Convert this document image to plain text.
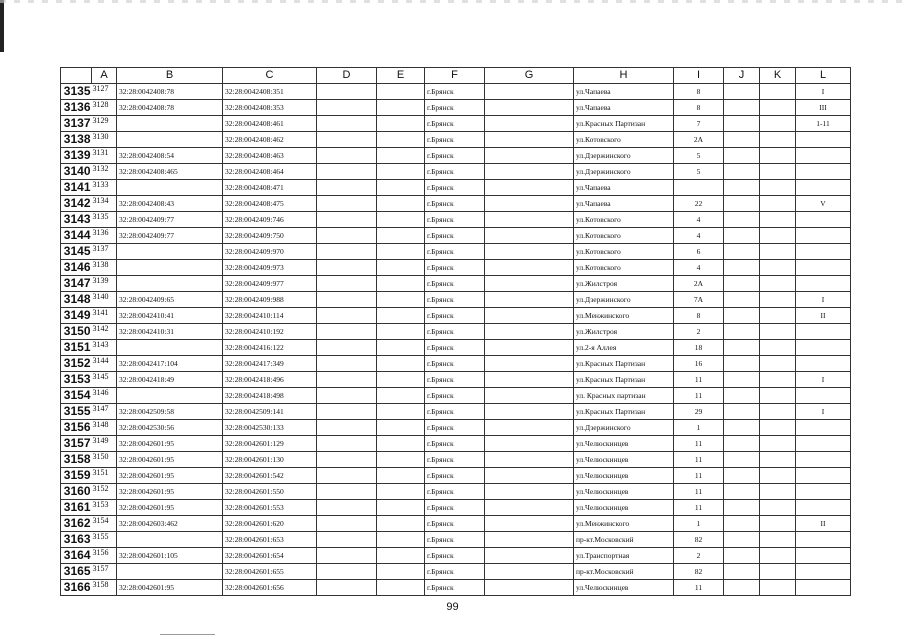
	A	B	C	D	E	F	G	H	I	J	K	L
3135	3127	32:28:0042408:78	32:28:0042408:351			г.Брянск		ул.Чапаева	8			I
3136	3128	32:28:0042408:78	32:28:0042408:353			г.Брянск		ул.Чапаева	8			III
3137	3129		32:28:0042408:461			г.Брянск		ул.Красных Партизан	7			1-11
3138	3130		32:28:0042408:462			г.Брянск		ул.Котовского	2А			
3139	3131	32:28:0042408:54	32:28:0042408:463			г.Брянск		ул.Дзержинского	5			
3140	3132	32:28:0042408:465	32:28:0042408:464			г.Брянск		ул.Дзержинского	5			
3141	3133		32:28:0042408:471			г.Брянск		ул.Чапаева				
3142	3134	32:28:0042408:43	32:28:0042408:475			г.Брянск		ул.Чапаева	22			V
3143	3135	32:28:0042409:77	32:28:0042409:746			г.Брянск		ул.Котовского	4			
3144	3136	32:28:0042409:77	32:28:0042409:750			г.Брянск		ул.Котовского	4			
3145	3137		32:28:0042409:970			г.Брянск		ул.Котовского	6			
3146	3138		32:28:0042409:973			г.Брянск		ул.Котовского	4			
3147	3139		32:28:0042409:977			г.Брянск		ул.Жилстроя	2А			
3148	3140	32:28:0042409:65	32:28:0042409:988			г.Брянск		ул.Дзержинского	7А			I
3149	3141	32:28:0042410:41	32:28:0042410:114			г.Брянск		ул.Менжинского	8			II
3150	3142	32:28:0042410:31	32:28:0042410:192			г.Брянск		ул.Жилстроя	2			
3151	3143		32:28:0042416:122			г.Брянск		ул.2-я Аллея	18			
3152	3144	32:28:0042417:104	32:28:0042417:349			г.Брянск		ул.Красных Партизан	16			
3153	3145	32:28:0042418:49	32:28:0042418:496			г.Брянск		ул.Красных Партизан	11			I
3154	3146		32:28:0042418:498			г.Брянск		ул. Красных партизан	11			
3155	3147	32:28:0042509:58	32:28:0042509:141			г.Брянск		ул.Красных Партизан	29			I
3156	3148	32:28:0042530:56	32:28:0042530:133			г.Брянск		ул.Дзержинского	1			
3157	3149	32:28:0042601:95	32:28:0042601:129			г.Брянск		ул.Челюскинцев	11			
3158	3150	32:28:0042601:95	32:28:0042601:130			г.Брянск		ул.Челюскинцев	11			
3159	3151	32:28:0042601:95	32:28:0042601:542			г.Брянск		ул.Челюскинцев	11			
3160	3152	32:28:0042601:95	32:28:0042601:550			г.Брянск		ул.Челюскинцев	11			
3161	3153	32:28:0042601:95	32:28:0042601:553			г.Брянск		ул.Челюскинцев	11			
3162	3154	32:28:0042603:462	32:28:0042601:620			г.Брянск		ул.Менжинского	1			II
3163	3155		32:28:0042601:653			г.Брянск		пр-кт.Московский	82			
3164	3156	32:28:0042601:105	32:28:0042601:654			г.Брянск		ул.Транспортная	2			
3165	3157		32:28:0042601:655			г.Брянск		пр-кт.Московский	82			
3166	3158	32:28:0042601:95	32:28:0042601:656			г.Брянск		ул.Челюскинцев	11			
99
